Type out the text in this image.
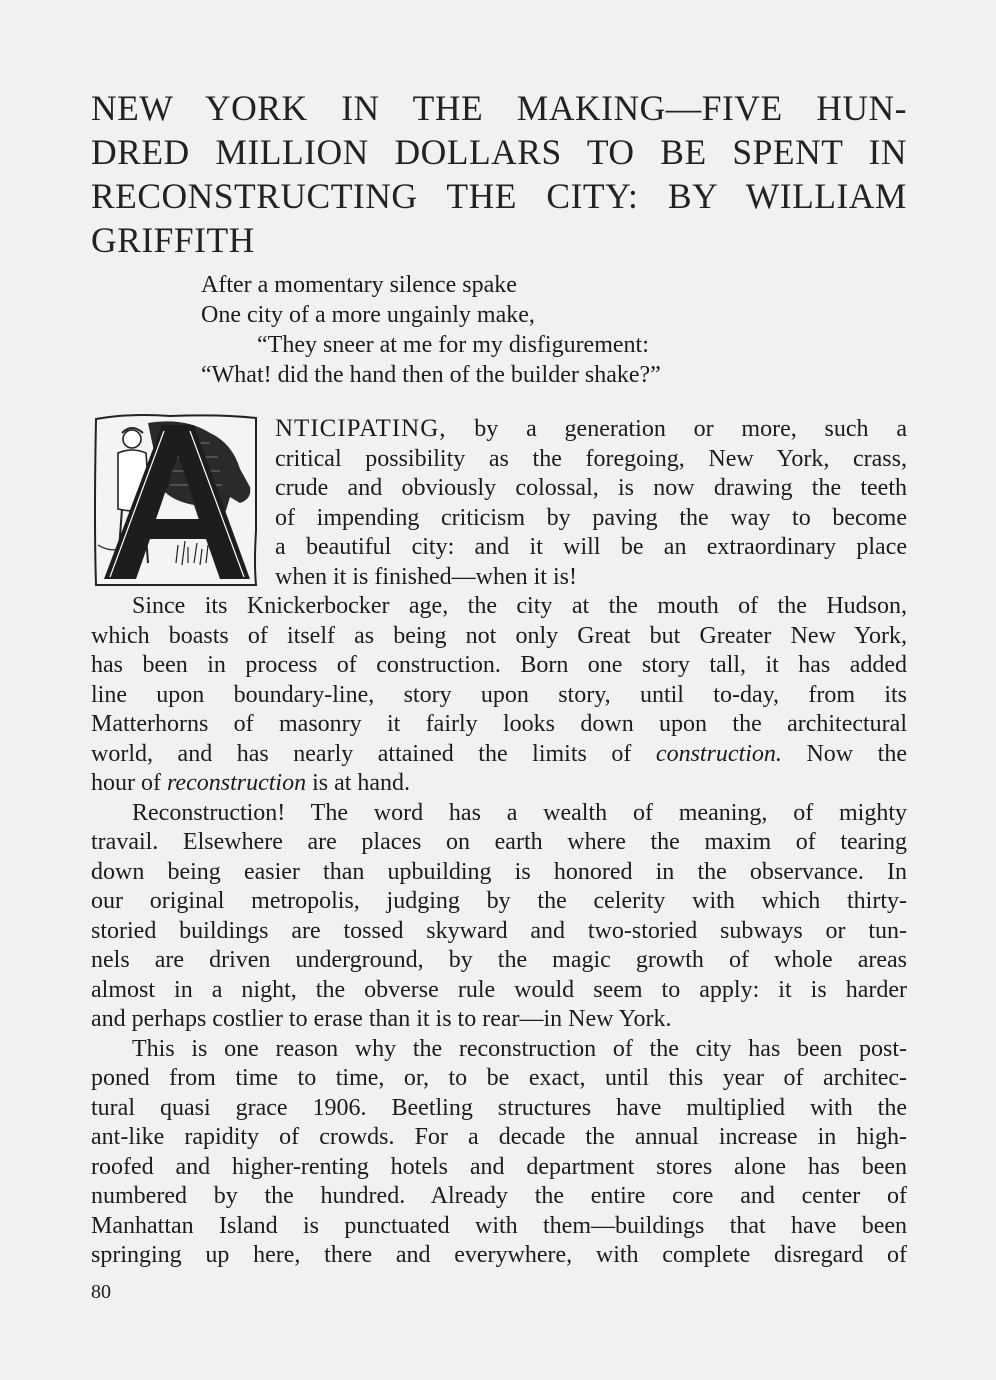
NEW YORK IN THE MAKING—FIVE HUN-
DRED MILLION DOLLARS TO BE SPENT IN
RECONSTRUCTING THE CITY: BY WILLIAM
GRIFFITH
After a momentary silence spake
One city of a more ungainly make,
“They sneer at me for my disfigurement:
“What! did the hand then of the builder shake?”
NTICIPATING, by a generation or more, such a
critical possibility as the foregoing, New York, crass,
crude and obviously colossal, is now drawing the teeth
of impending criticism by paving the way to become
a beautiful city: and it will be an extraordinary place
when it is finished—when it is!
Since its Knickerbocker age, the city at the mouth of the Hudson,
which boasts of itself as being not only Great but Greater New York,
has been in process of construction. Born one story tall, it has added
line upon boundary-line, story upon story, until to-day, from its
Matterhorns of masonry it fairly looks down upon the architectural
world, and has nearly attained the limits of construction. Now the
hour of reconstruction is at hand.
Reconstruction! The word has a wealth of meaning, of mighty
travail. Elsewhere are places on earth where the maxim of tearing
down being easier than upbuilding is honored in the observance. In
our original metropolis, judging by the celerity with which thirty-
storied buildings are tossed skyward and two-storied subways or tun-
nels are driven underground, by the magic growth of whole areas
almost in a night, the obverse rule would seem to apply: it is harder
and perhaps costlier to erase than it is to rear—in New York.
This is one reason why the reconstruction of the city has been post-
poned from time to time, or, to be exact, until this year of architec-
tural quasi grace 1906. Beetling structures have multiplied with the
ant-like rapidity of crowds. For a decade the annual increase in high-
roofed and higher-renting hotels and department stores alone has been
numbered by the hundred. Already the entire core and center of
Manhattan Island is punctuated with them—buildings that have been
springing up here, there and everywhere, with complete disregard of
80
